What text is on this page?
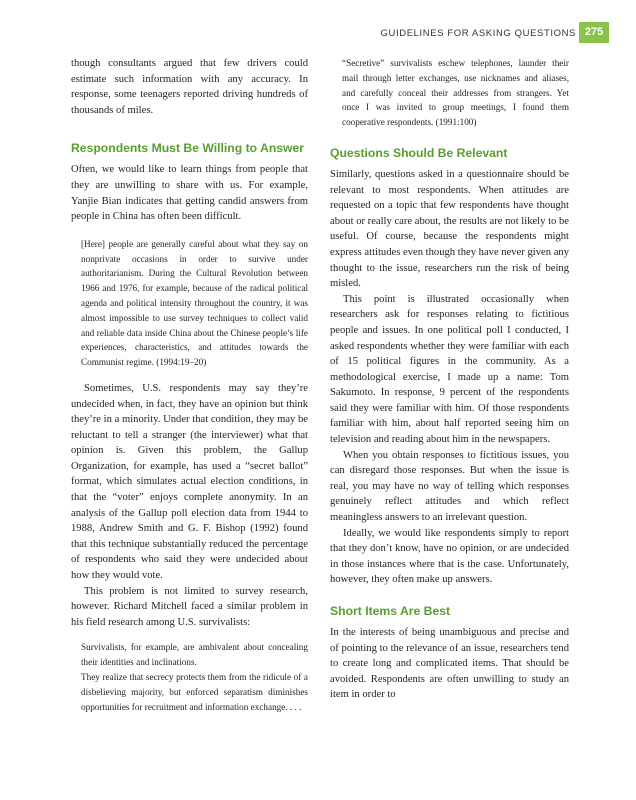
GUIDELINES FOR ASKING QUESTIONS 275

though consultants argued that few drivers could estimate such information with any accuracy. In response, some teenagers reported driving hundreds of thousands of miles.

Respondents Must Be Willing to Answer

Often, we would like to learn things from people that they are unwilling to share with us. For example, Yanjie Bian indicates that getting candid answers from people in China has often been difficult.

[Here] people are generally careful about what they say on nonprivate occasions in order to survive under authoritarianism. During the Cultural Revolution between 1966 and 1976, for example, because of the radical political agenda and political intensity throughout the country, it was almost impossible to use survey techniques to collect valid and reliable data inside China about the Chinese people’s life experiences, characteristics, and attitudes towards the Communist regime. (1994:19–20)

Sometimes, U.S. respondents may say they’re undecided when, in fact, they have an opinion but think they’re in a minority. Under that condition, they may be reluctant to tell a stranger (the interviewer) what that opinion is. Given this problem, the Gallup Organization, for example, has used a “secret ballot” format, which simulates actual election conditions, in that the “voter” enjoys complete anonymity. In an analysis of the Gallup poll election data from 1944 to 1988, Andrew Smith and G. F. Bishop (1992) found that this technique substantially reduced the percentage of respondents who said they were undecided about how they would vote.

This problem is not limited to survey research, however. Richard Mitchell faced a similar problem in his field research among U.S. survivalists:

Survivalists, for example, are ambivalent about concealing their identities and inclinations.

They realize that secrecy protects them from the ridicule of a disbelieving majority, but enforced separatism diminishes opportunities for recruitment and information exchange. . . .

“Secretive” survivalists eschew telephones, launder their mail through letter exchanges, use nicknames and aliases, and carefully conceal their addresses from strangers. Yet once I was invited to group meetings, I found them cooperative respondents. (1991:100)

Questions Should Be Relevant

Similarly, questions asked in a questionnaire should be relevant to most respondents. When attitudes are requested on a topic that few respondents have thought about or really care about, the results are not likely to be useful. Of course, because the respondents might express attitudes even though they have never given any thought to the issue, researchers run the risk of being misled.

This point is illustrated occasionally when researchers ask for responses relating to fictitious people and issues. In one political poll I conducted, I asked respondents whether they were familiar with each of 15 political figures in the community. As a methodological exercise, I made up a name: Tom Sakumoto. In response, 9 percent of the respondents said they were familiar with him. Of those respondents familiar with him, about half reported seeing him on television and reading about him in the newspapers.

When you obtain responses to fictitious issues, you can disregard those responses. But when the issue is real, you may have no way of telling which responses genuinely reflect attitudes and which reflect meaningless answers to an irrelevant question.

Ideally, we would like respondents simply to report that they don’t know, have no opinion, or are undecided in those instances where that is the case. Unfortunately, however, they often make up answers.

Short Items Are Best

In the interests of being unambiguous and precise and of pointing to the relevance of an issue, researchers tend to create long and complicated items. That should be avoided. Respondents are often unwilling to study an item in order to
